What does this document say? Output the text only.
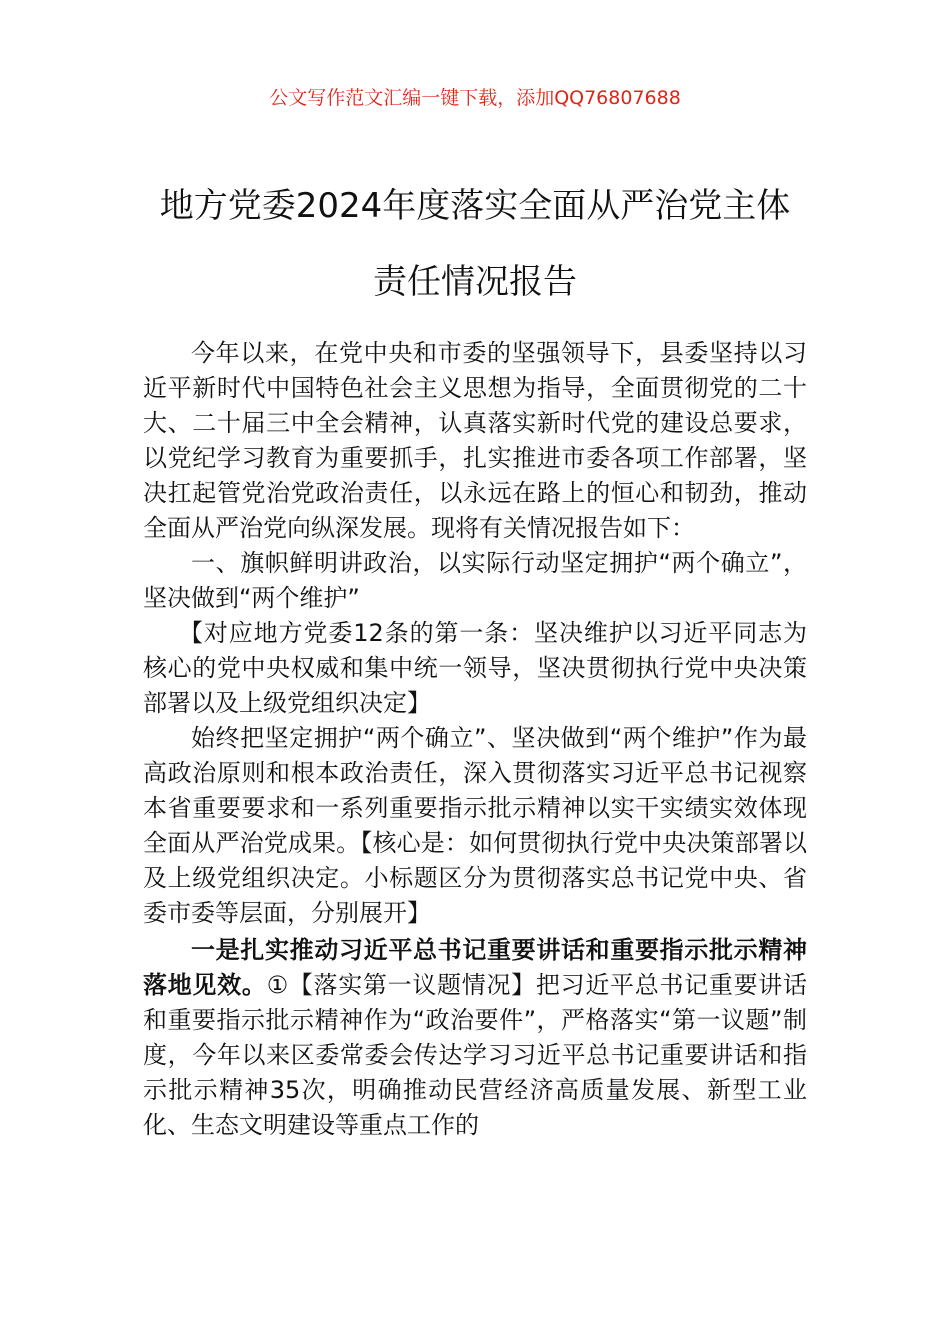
公文写作范文汇编一键下载，添加QQ76807688
地方党委2024年度落实全面从严治党主体
责任情况报告

今年以来，在党中央和市委的坚强领导下，县委坚持以习近平新时代中国特色社会主义思想为指导，全面贯彻党的二十大、二十届三中全会精神，认真落实新时代党的建设总要求，以党纪学习教育为重要抓手，扎实推进市委各项工作部署，坚决扛起管党治党政治责任，以永远在路上的恒心和韧劲，推动全面从严治党向纵深发展。现将有关情况报告如下：

一、旗帜鲜明讲政治，以实际行动坚定拥护“两个确立”，坚决做到“两个维护”

【对应地方党委12条的第一条：坚决维护以习近平同志为核心的党中央权威和集中统一领导，坚决贯彻执行党中央决策部署以及上级党组织决定】

始终把坚定拥护“两个确立”、坚决做到“两个维护”作为最高政治原则和根本政治责任，深入贯彻落实习近平总书记视察本省重要要求和一系列重要指示批示精神以实干实绩实效体现全面从严治党成果。【核心是：如何贯彻执行党中央决策部署以及上级党组织决定。小标题区分为贯彻落实总书记党中央、省委市委等层面，分别展开】

一是扎实推动习近平总书记重要讲话和重要指示批示精神落地见效。①【落实第一议题情况】把习近平总书记重要讲话和重要指示批示精神作为“政治要件”，严格落实“第一议题”制度，今年以来区委常委会传达学习习近平总书记重要讲话和指示批示精神35次，明确推动民营经济高质量发展、新型工业化、生态文明建设等重点工作的
